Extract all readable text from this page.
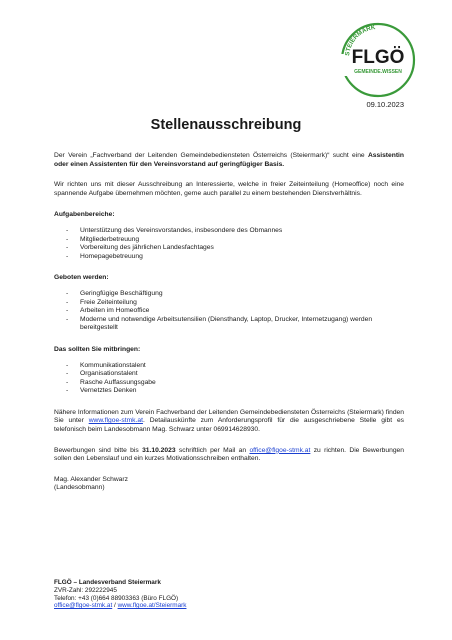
STEIERMARK
FLGÖ
GEMEINDE.WISSEN
09.10.2023
Stellenausschreibung

Der Verein „Fachverband der Leitenden Gemeindebediensteten Österreichs (Steiermark)“ sucht eine Assistentin oder einen Assistenten für den Vereinsvorstand auf geringfügiger Basis.

Wir richten uns mit dieser Ausschreibung an Interessierte, welche in freier Zeiteinteilung (Homeoffice) noch eine spannende Aufgabe übernehmen möchten, gerne auch parallel zu einem bestehenden Dienstverhältnis.

Aufgabenbereiche:

- Unterstützung des Vereinsvorstandes, insbesondere des Obmannes
- Mitgliederbetreuung
- Vorbereitung des jährlichen Landesfachtages
- Homepagebetreuung

Geboten werden:

- Geringfügige Beschäftigung
- Freie Zeiteinteilung
- Arbeiten im Homeoffice
- Moderne und notwendige Arbeitsutensilien (Diensthandy, Laptop, Drucker, Internetzugang) werden bereitgestellt

Das sollten Sie mitbringen:

- Kommunikationstalent
- Organisationstalent
- Rasche Auffassungsgabe
- Vernetztes Denken

Nähere Informationen zum Verein Fachverband der Leitenden Gemeindebediensteten Österreichs (Steiermark) finden Sie unter www.flgoe-stmk.at. Detailauskünfte zum Anforderungsprofil für die ausgeschriebene Stelle gibt es telefonisch beim Landesobmann Mag. Schwarz unter 069914628930.

Bewerbungen sind bitte bis 31.10.2023 schriftlich per Mail an office@flgoe-stmk.at zu richten. Die Bewerbungen sollen den Lebenslauf und ein kurzes Motivationsschreiben enthalten.

Mag. Alexander Schwarz

(Landesobmann)

FLGÖ – Landesverband Steiermark
ZVR-Zahl: 292222945
Telefon: +43 (0)664 88903363 (Büro FLGÖ)
office@flgoe-stmk.at / www.flgoe.at/Steiermark
